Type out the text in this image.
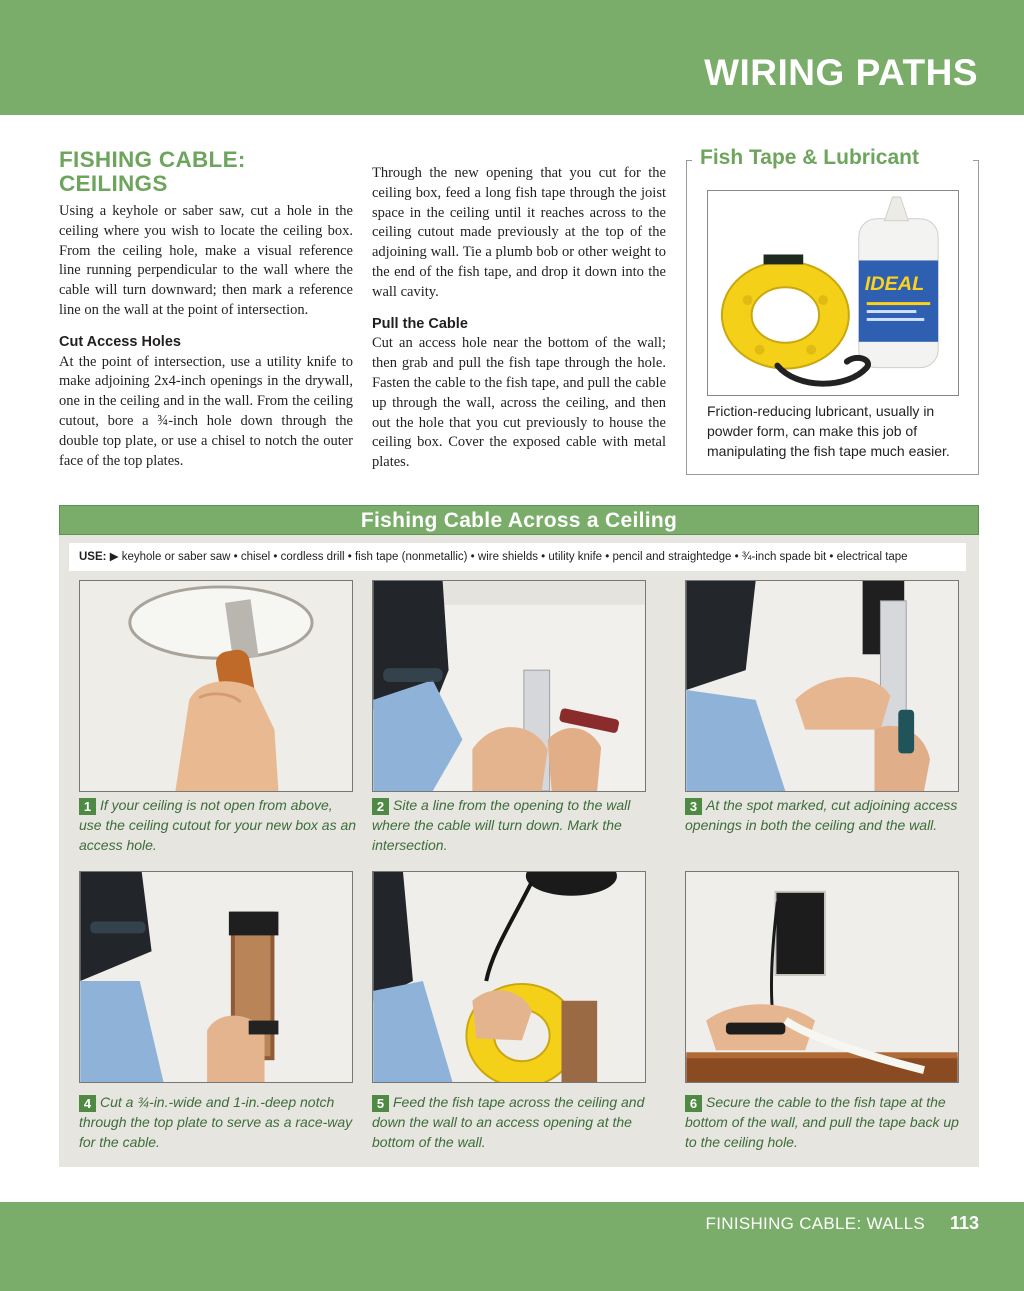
WIRING PATHS
FISHING CABLE:
CEILINGS

Using a keyhole or saber saw, cut a hole in the ceiling where you wish to locate the ceiling box. From the ceiling hole, make a visual reference line running perpendicular to the wall where the cable will turn downward; then mark a reference line on the wall at the point of intersection.

Cut Access Holes

At the point of intersection, use a utility knife to make adjoining 2x4-inch openings in the drywall, one in the ceiling and in the wall. From the ceiling cutout, bore a ¾-inch hole down through the double top plate, or use a chisel to notch the outer face of the top plates.

Through the new opening that you cut for the ceiling box, feed a long fish tape through the joist space in the ceiling until it reaches across to the ceiling cutout made previously at the top of the adjoining wall. Tie a plumb bob or other weight to the end of the fish tape, and drop it down into the wall cavity.

Pull the Cable

Cut an access hole near the bottom of the wall; then grab and pull the fish tape through the hole. Fasten the cable to the fish tape, and pull the cable up through the wall, across the ceiling, and then out the hole that you cut previously to house the ceiling box. Cover the exposed cable with metal plates.

Fish Tape & Lubricant
IDEAL
Friction-reducing lubricant, usually in powder form, can make this job of manipulating the fish tape much easier.
Fishing Cable Across a Ceiling
USE: ▶ keyhole or saber saw • chisel • cordless drill • fish tape (nonmetallic) • wire shields • utility knife • pencil and straightedge • ¾-inch spade bit • electrical tape
1 If your ceiling is not open from above, use the ceiling cutout for your new box as an access hole.
2 Site a line from the opening to the wall where the cable will turn down. Mark the intersection.
3 At the spot marked, cut adjoining access openings in both the ceiling and the wall.
4 Cut a ¾-in.-wide and 1-in.-deep notch through the top plate to serve as a race-way for the cable.
5 Feed the fish tape across the ceiling and down the wall to an access opening at the bottom of the wall.
6 Secure the cable to the fish tape at the bottom of the wall, and pull the tape back up to the ceiling hole.
FINISHING CABLE: WALLS 113
